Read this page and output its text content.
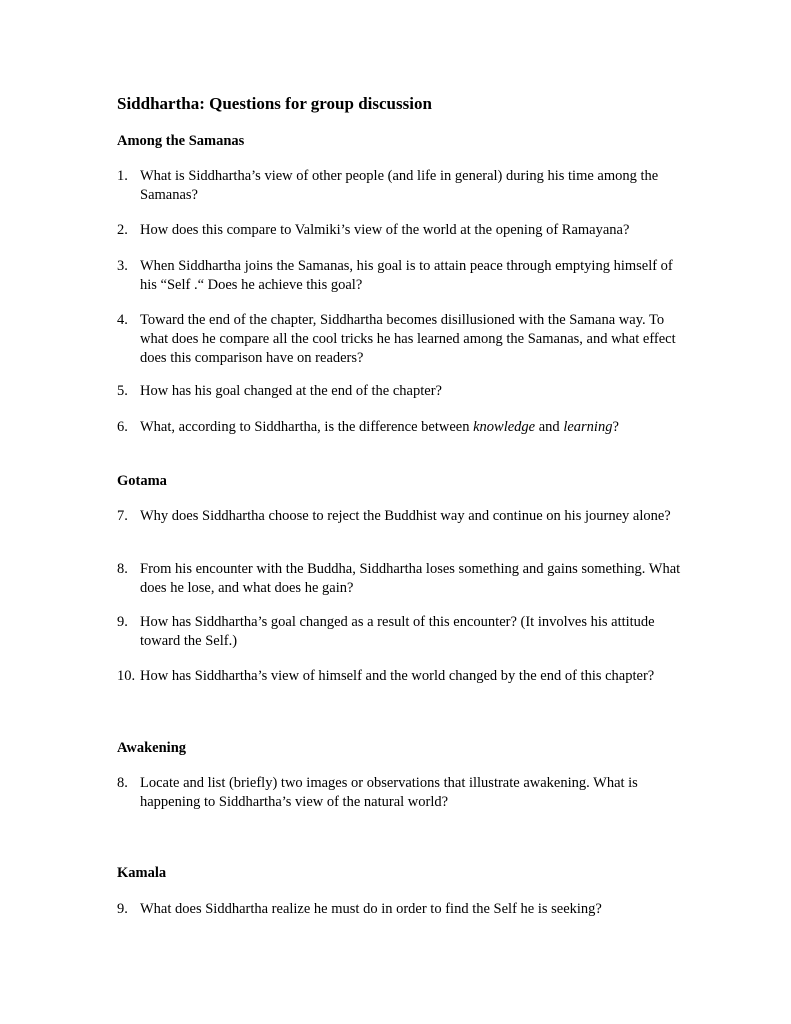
Siddhartha: Questions for group discussion
Among the Samanas
1. What is Siddhartha’s view of other people (and life in general) during his time among the Samanas?
2. How does this compare to Valmiki’s view of the world at the opening of Ramayana?
3. When Siddhartha joins the Samanas, his goal is to attain peace through emptying himself of his “Self .“ Does he achieve this goal?
4. Toward the end of the chapter, Siddhartha becomes disillusioned with the Samana way. To what does he compare all the cool tricks he has learned among the Samanas, and what effect does this comparison have on readers?
5. How has his goal changed at the end of the chapter?
6. What, according to Siddhartha, is the difference between knowledge and learning?
Gotama
7. Why does Siddhartha choose to reject the Buddhist way and continue on his journey alone?
8. From his encounter with the Buddha, Siddhartha loses something and gains something. What does he lose, and what does he gain?
9. How has Siddhartha’s goal changed as a result of this encounter? (It involves his attitude toward the Self.)
10. How has Siddhartha’s view of himself and the world changed by the end of this chapter?
Awakening
8. Locate and list (briefly) two images or observations that illustrate awakening. What is happening to Siddhartha’s view of the natural world?
Kamala
9. What does Siddhartha realize he must do in order to find the Self he is seeking?
